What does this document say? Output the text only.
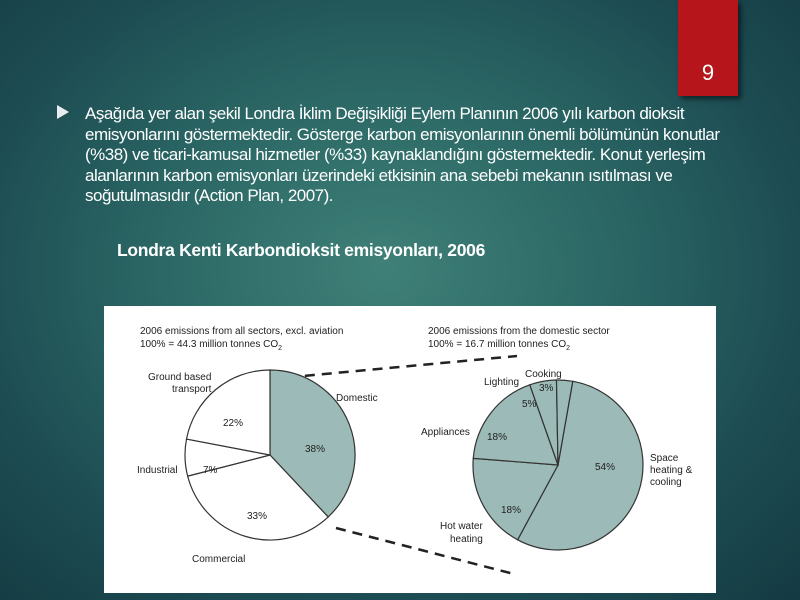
9
Aşağıda yer alan şekil Londra İklim Değişikliği Eylem Planının 2006 yılı karbon dioksit emisyonlarını göstermektedir. Gösterge karbon emisyonlarının önemli bölümünün konutlar (%38) ve ticari-kamusal hizmetler (%33) kaynaklandığını göstermektedir. Konut yerleşim alanlarının karbon emisyonları üzerindeki etkisinin ana sebebi mekanın ısıtılması ve soğutulmasıdır (Action Plan, 2007).
Londra Kenti Karbondioksit emisyonları, 2006
2006 emissions from all sectors, excl. aviation
100% = 44.3 million tonnes $CO_2$
2006 emissions from the domestic sector
100% = 16.7 million tonnes $CO_2$
Domestic
Commercial
Industrial
Ground based
transport
38%
33%
7%
22%
Space
heating &
cooling
Hot water
heating
Appliances
Lighting
Cooking
54%
18%
18%
5%
3%
